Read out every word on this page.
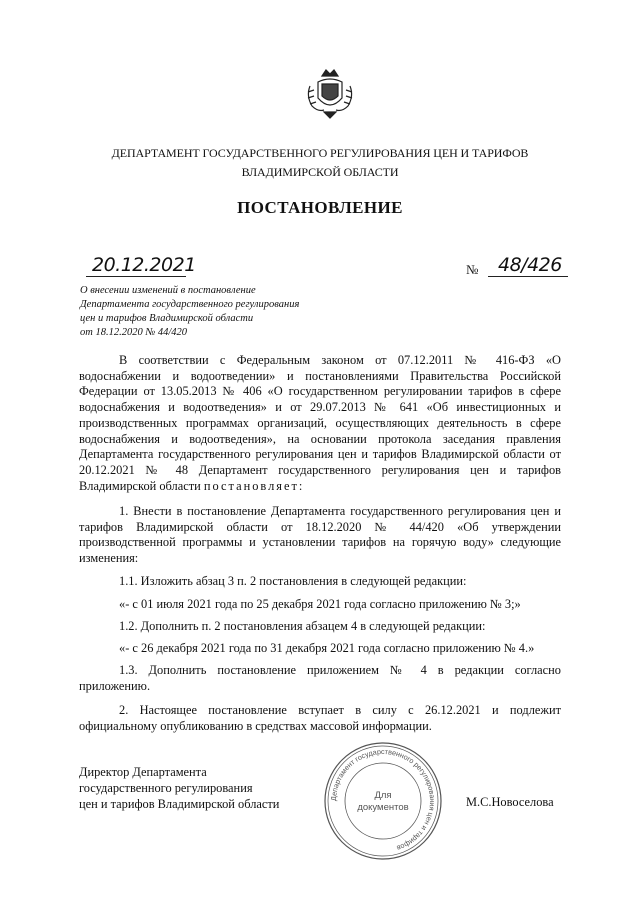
ДЕПАРТАМЕНТ ГОСУДАРСТВЕННОГО РЕГУЛИРОВАНИЯ ЦЕН И ТАРИФОВ
ВЛАДИМИРСКОЙ ОБЛАСТИ
ПОСТАНОВЛЕНИЕ
20.12.2021	№ 48/426
О внесении изменений в постановление
Департамента государственного регулирования
цен и тарифов Владимирской области
от 18.12.2020 № 44/420

В соответствии с Федеральным законом от 07.12.2011 № 416-ФЗ «О водоснабжении и водоотведении» и постановлениями Правительства Российской Федерации от 13.05.2013 № 406 «О государственном регулировании тарифов в сфере водоснабжения и водоотведения» и от 29.07.2013 № 641 «Об инвестиционных и производственных программах организаций, осуществляющих деятельность в сфере водоснабжения и водоотведения», на основании протокола заседания правления Департамента государственного регулирования цен и тарифов Владимирской области от 20.12.2021 № 48 Департамент государственного регулирования цен и тарифов Владимирской области постановляет:

1. Внести в постановление Департамента государственного регулирования цен и тарифов Владимирской области от 18.12.2020 № 44/420 «Об утверждении производственной программы и установлении тарифов на горячую воду» следующие изменения:

1.1. Изложить абзац 3 п. 2 постановления в следующей редакции:

«- с 01 июля 2021 года по 25 декабря 2021 года согласно приложению № 3;»

1.2. Дополнить п. 2 постановления абзацем 4 в следующей редакции:

«- с 26 декабря 2021 года по 31 декабря 2021 года согласно приложению № 4.»

1.3. Дополнить постановление приложением № 4 в редакции согласно приложению.

2. Настоящее постановление вступает в силу с 26.12.2021 и подлежит официальному опубликованию в средствах массовой информации.

Директор Департамента
государственного регулирования
цен и тарифов Владимирской области	Департамент государственного регулирования цен и тарифов
Для
документов	М.С.Новоселова
